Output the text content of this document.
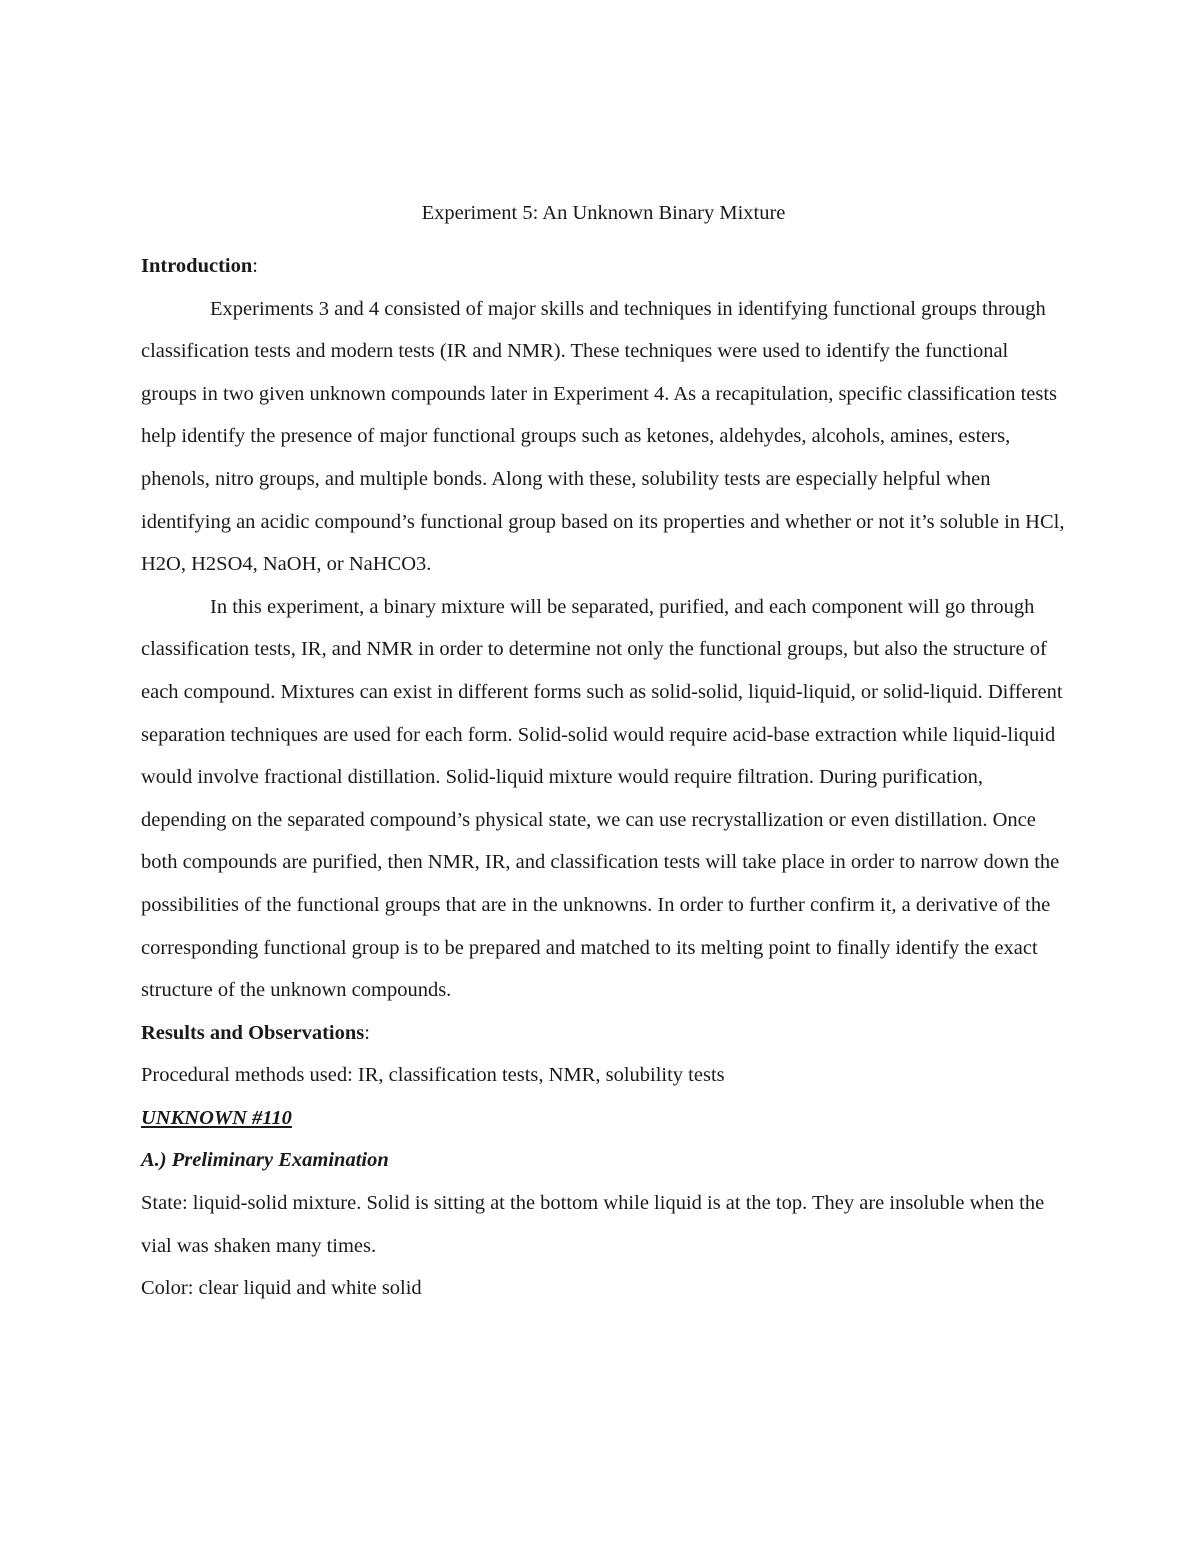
Experiment 5: An Unknown Binary Mixture

Introduction:

Experiments 3 and 4 consisted of major skills and techniques in identifying functional groups through classification tests and modern tests (IR and NMR). These techniques were used to identify the functional groups in two given unknown compounds later in Experiment 4. As a recapitulation, specific classification tests help identify the presence of major functional groups such as ketones, aldehydes, alcohols, amines, esters, phenols, nitro groups, and multiple bonds. Along with these, solubility tests are especially helpful when identifying an acidic compound’s functional group based on its properties and whether or not it’s soluble in HCl, H2O, H2SO4, NaOH, or NaHCO3.

In this experiment, a binary mixture will be separated, purified, and each component will go through classification tests, IR, and NMR in order to determine not only the functional groups, but also the structure of each compound. Mixtures can exist in different forms such as solid-solid, liquid-liquid, or solid-liquid. Different separation techniques are used for each form. Solid-solid would require acid-base extraction while liquid-liquid would involve fractional distillation. Solid-liquid mixture would require filtration. During purification, depending on the separated compound’s physical state, we can use recrystallization or even distillation. Once both compounds are purified, then NMR, IR, and classification tests will take place in order to narrow down the possibilities of the functional groups that are in the unknowns. In order to further confirm it, a derivative of the corresponding functional group is to be prepared and matched to its melting point to finally identify the exact structure of the unknown compounds.

Results and Observations:

Procedural methods used: IR, classification tests, NMR, solubility tests

UNKNOWN #110

A.) Preliminary Examination

State: liquid-solid mixture. Solid is sitting at the bottom while liquid is at the top. They are insoluble when the vial was shaken many times.

Color: clear liquid and white solid
